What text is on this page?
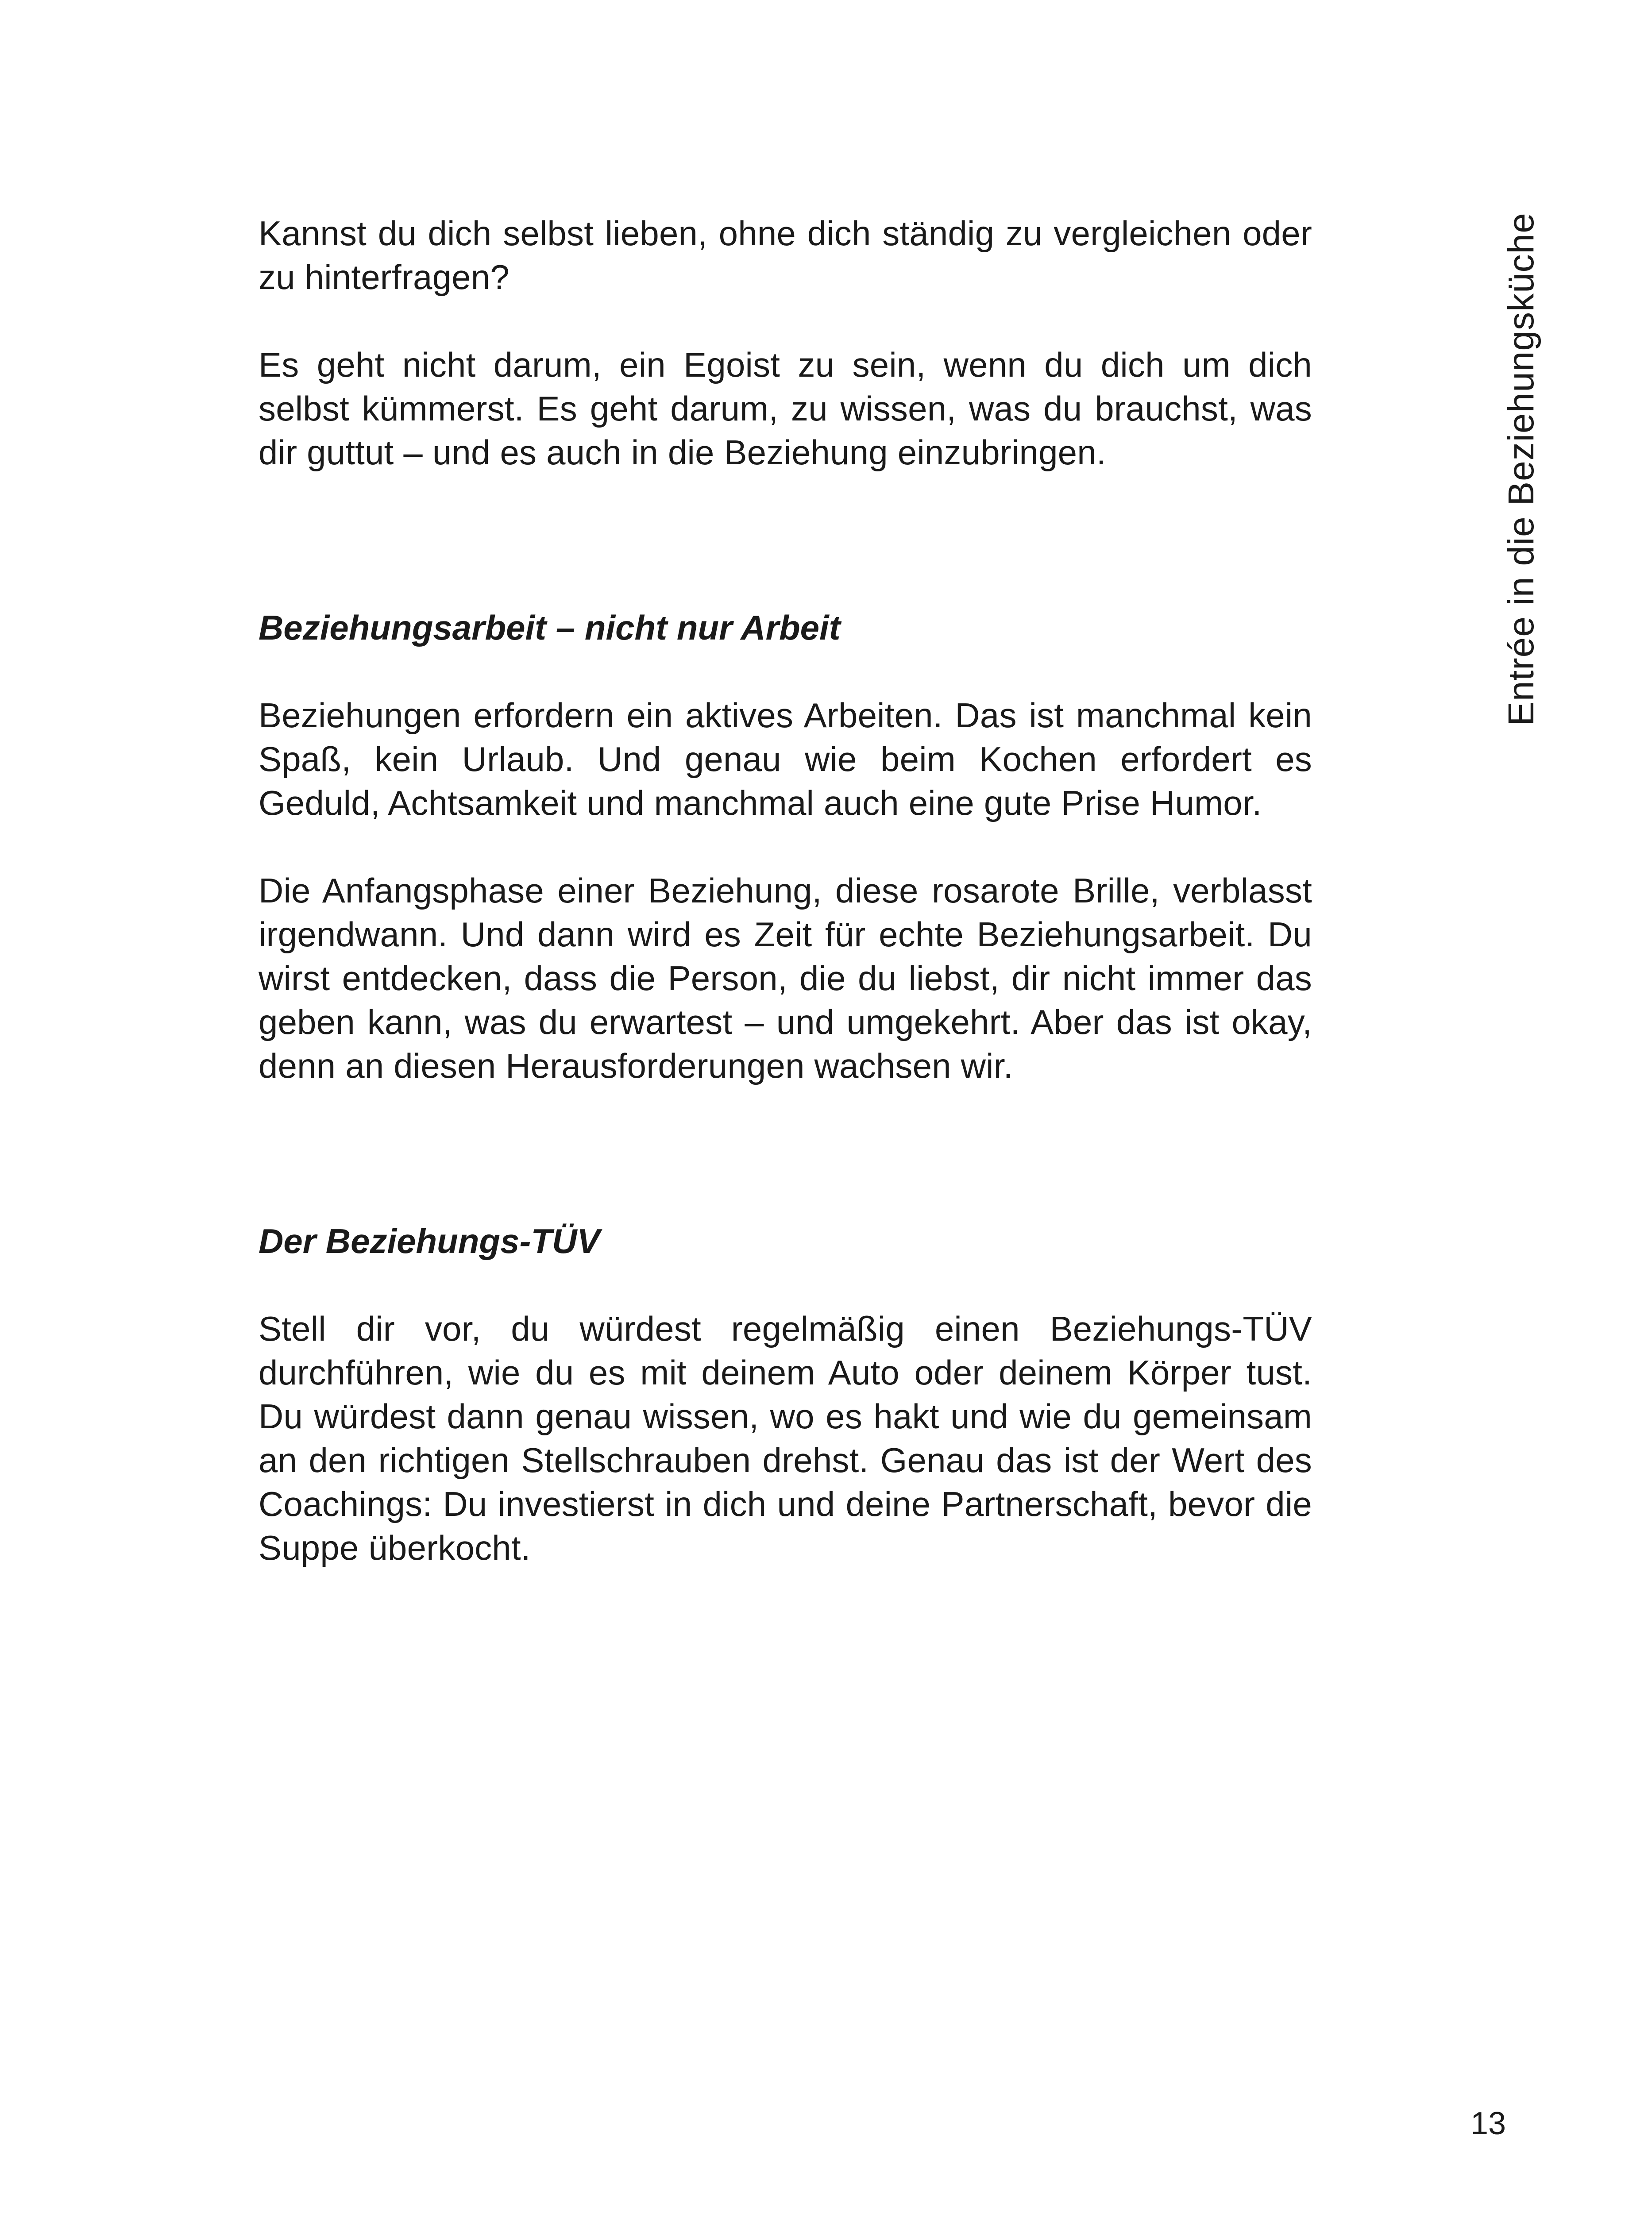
Kannst du dich selbst lieben, ohne dich ständig zu vergleichen oder zu hinterfragen?

Es geht nicht darum, ein Egoist zu sein, wenn du dich um dich selbst kümmerst. Es geht darum, zu wissen, was du brauchst, was dir guttut – und es auch in die Beziehung einzubringen.

Beziehungsarbeit – nicht nur Arbeit

Beziehungen erfordern ein aktives Arbeiten. Das ist manchmal kein Spaß, kein Urlaub. Und genau wie beim Kochen erfordert es Geduld, Achtsamkeit und manchmal auch eine gute Prise Humor.

Die Anfangsphase einer Beziehung, diese rosarote Brille, verblasst irgendwann. Und dann wird es Zeit für echte Beziehungsarbeit. Du wirst entdecken, dass die Person, die du liebst, dir nicht immer das geben kann, was du erwartest – und umgekehrt. Aber das ist okay, denn an diesen Herausforderungen wachsen wir.

Der Beziehungs-TÜV

Stell dir vor, du würdest regelmäßig einen Beziehungs-TÜV durchführen, wie du es mit deinem Auto oder deinem Körper tust. Du würdest dann genau wissen, wo es hakt und wie du gemeinsam an den richtigen Stellschrauben drehst. Genau das ist der Wert des Coachings: Du investierst in dich und deine Partnerschaft, bevor die Suppe überkocht.

Entrée in die Beziehungsküche
13
